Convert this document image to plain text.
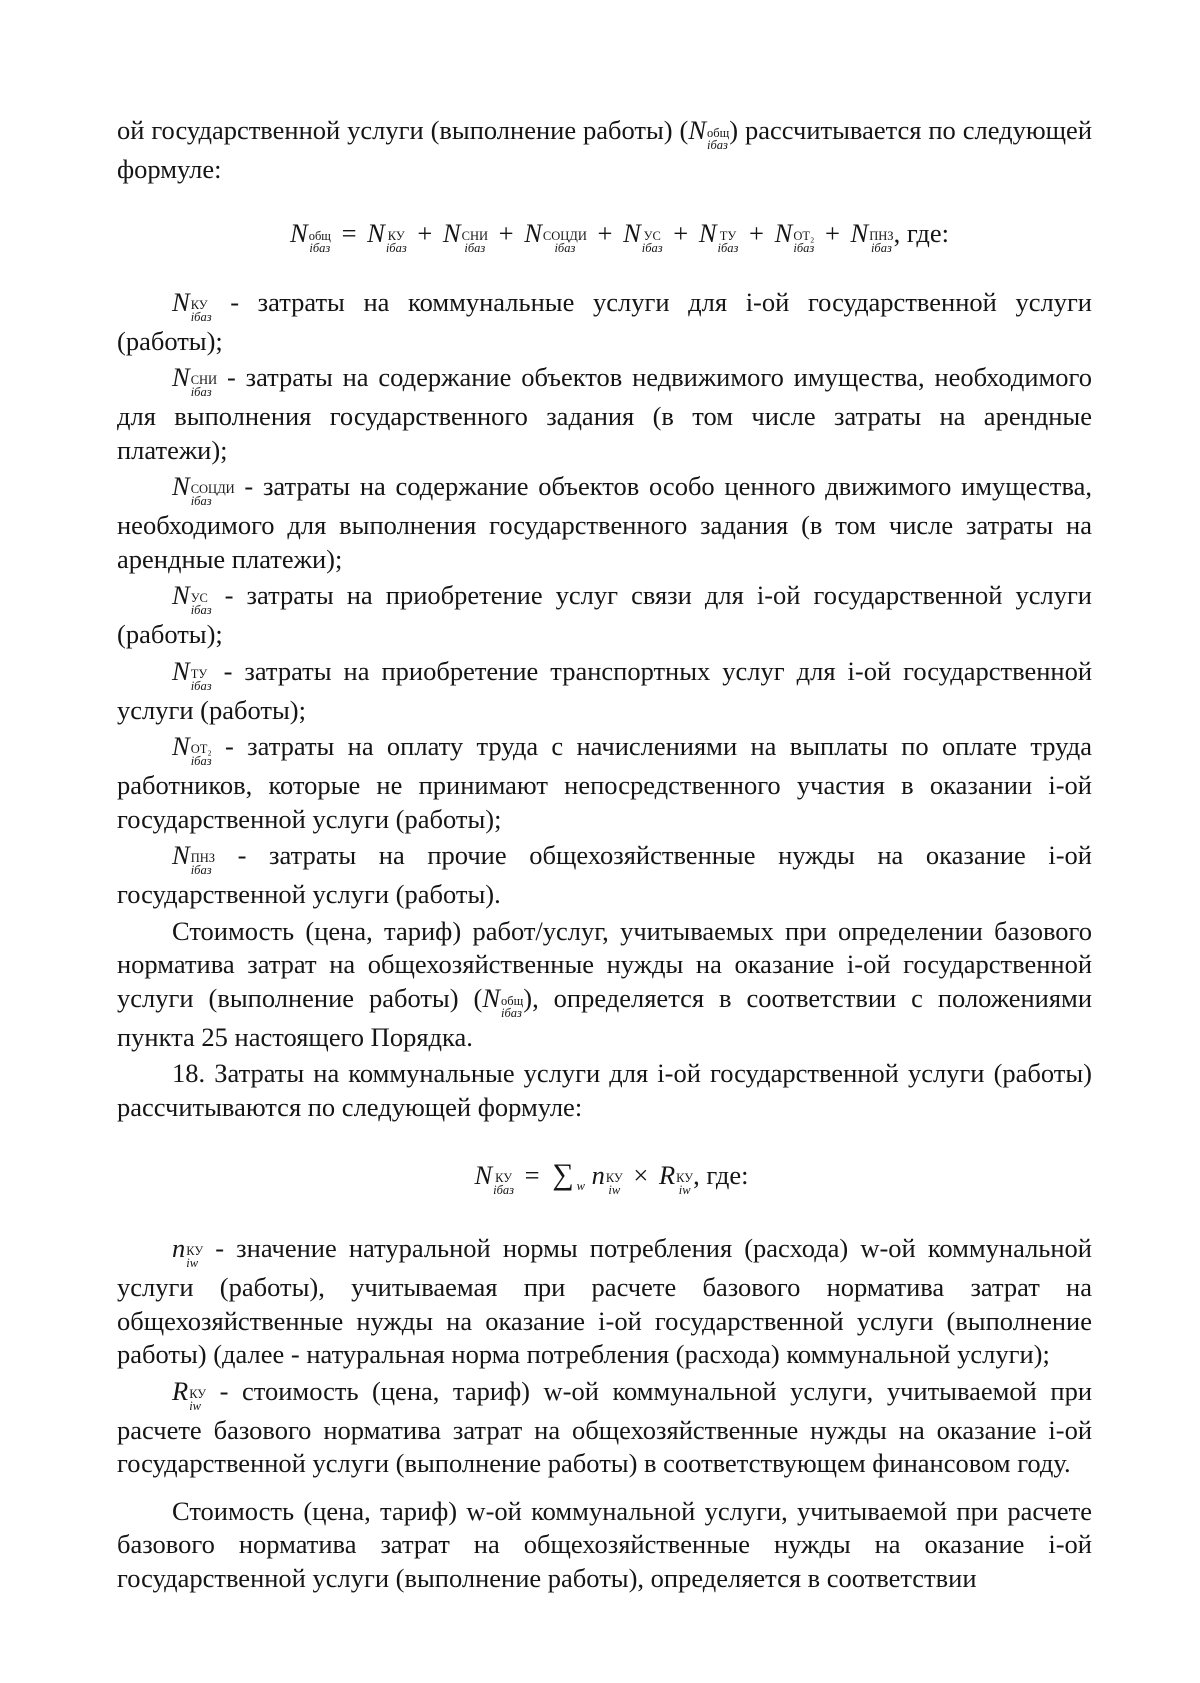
ой государственной услуги (выполнение работы) ( N общ
iбаз ) рассчитывается по следующей формуле:

N общ
iбаз = N КУ
iбаз + N СНИ
iбаз + N СОЦДИ
iбаз + N УС
iбаз + N ТУ
iбаз + N ОТ₂
iбаз + N ПНЗ
iбаз , где:

N КУ
iбаз - затраты на коммунальные услуги для i-ой государственной услуги (работы);

N СНИ
iбаз - затраты на содержание объектов недвижимого имущества, необходимого для выполнения государственного задания (в том числе затраты на арендные платежи);

N СОЦДИ
iбаз - затраты на содержание объектов особо ценного движимого имущества, необходимого для выполнения государственного задания (в том числе затраты на арендные платежи);

N УС
iбаз - затраты на приобретение услуг связи для i-ой государственной услуги (работы);

N ТУ
iбаз - затраты на приобретение транспортных услуг для i-ой государственной услуги (работы);

N ОТ₂
iбаз - затраты на оплату труда с начислениями на выплаты по оплате труда работников, которые не принимают непосредственного участия в оказании i-ой государственной услуги (работы);

N ПНЗ
iбаз - затраты на прочие общехозяйственные нужды на оказание i-ой государственной услуги (работы).

Стоимость (цена, тариф) работ/услуг, учитываемых при определении базового норматива затрат на общехозяйственные нужды на оказание i-ой государственной услуги (выполнение работы) ( N общ
iбаз ), определяется в соответствии с положениями пункта 25 настоящего Порядка.

18. Затраты на коммунальные услуги для i-ой государственной услуги (работы) рассчитываются по следующей формуле:

N КУ
iбаз = ∑ w n КУ
iw × R КУ
iw , где:

n КУ
iw - значение натуральной нормы потребления (расхода) w-ой коммунальной услуги (работы), учитываемая при расчете базового норматива затрат на общехозяйственные нужды на оказание i-ой государственной услуги (выполнение работы) (далее - натуральная норма потребления (расхода) коммунальной услуги);

R КУ
iw - стоимость (цена, тариф) w-ой коммунальной услуги, учитываемой при расчете базового норматива затрат на общехозяйственные нужды на оказание i-ой государственной услуги (выполнение работы) в соответствующем финансовом году.

Стоимость (цена, тариф) w-ой коммунальной услуги, учитываемой при расчете базового норматива затрат на общехозяйственные нужды на оказание i-ой государственной услуги (выполнение работы), определяется в соответствии
